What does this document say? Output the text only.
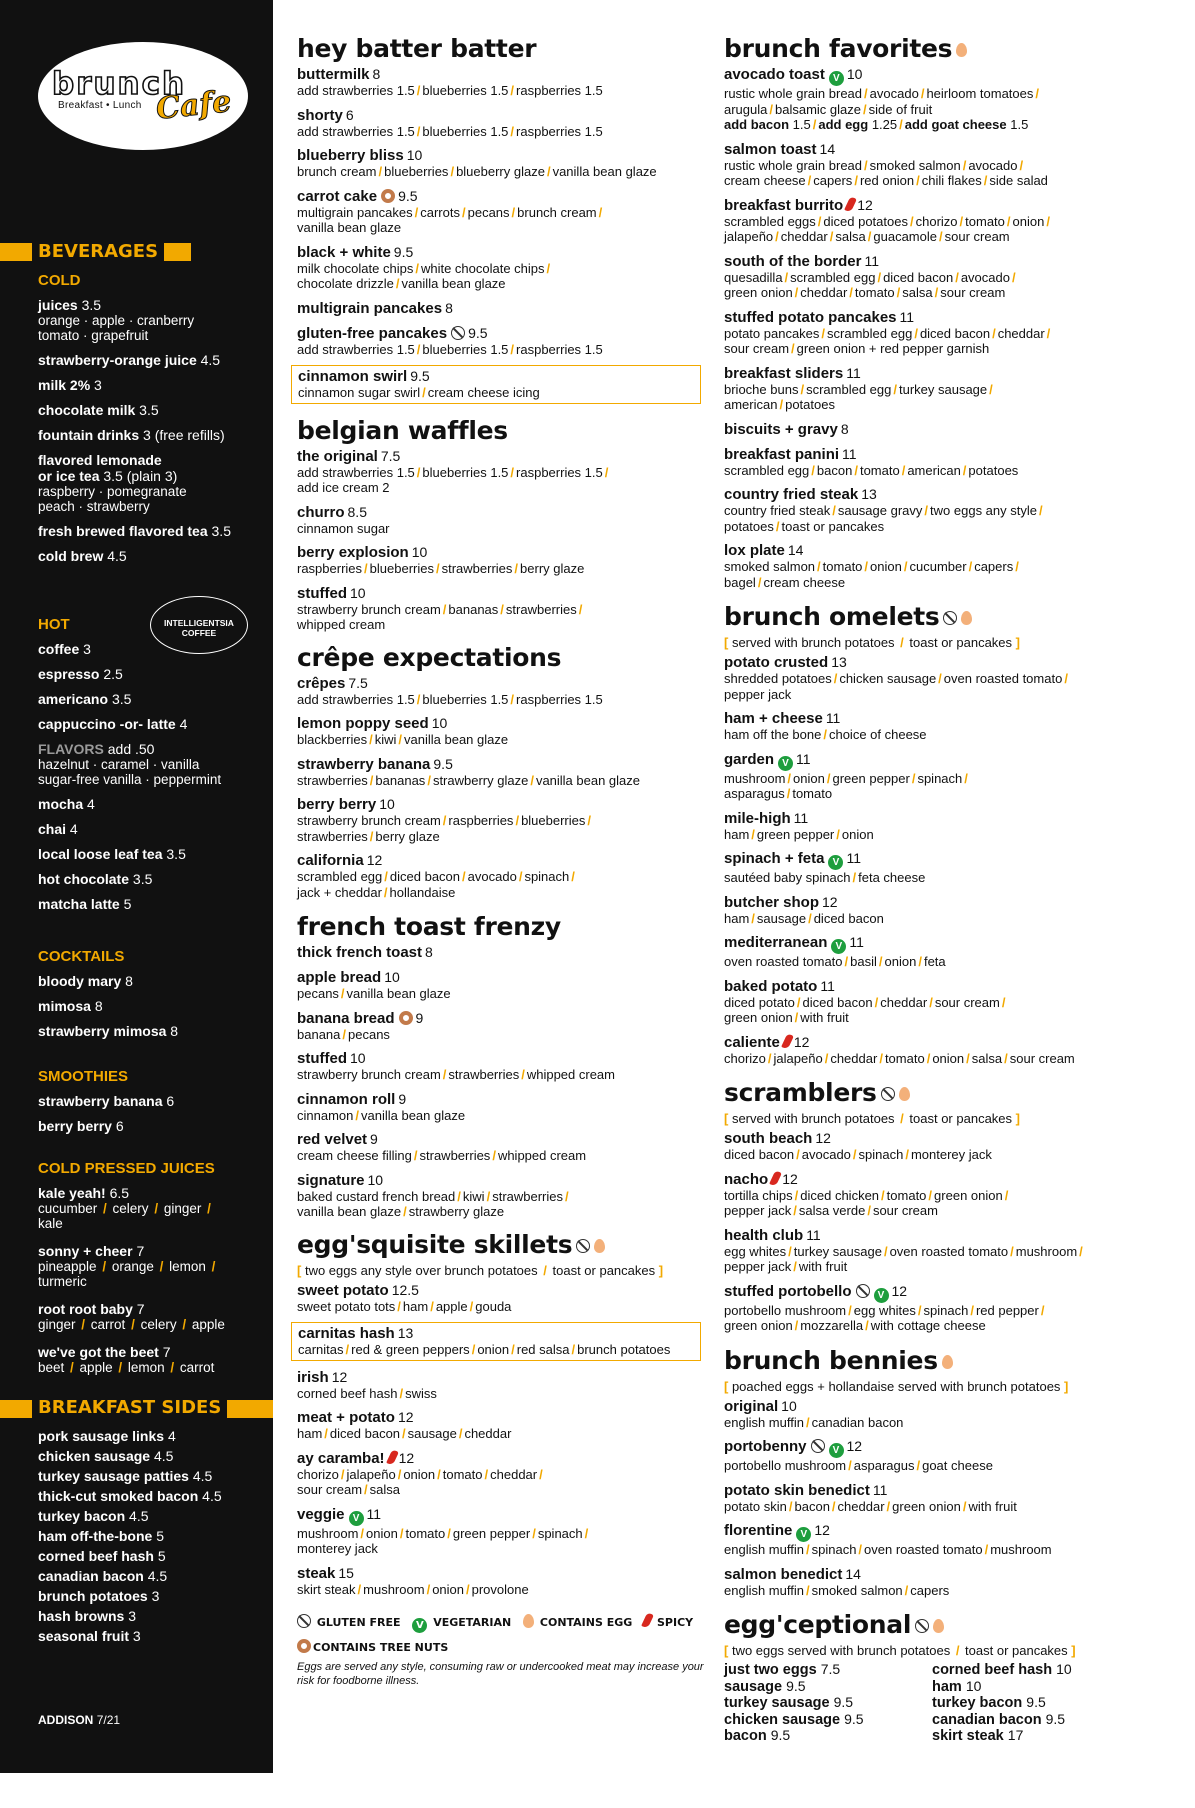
brunch
Breakfast • Lunch Cafe
BEVERAGES
COLD
juices 3.5
orange · apple · cranberry
tomato · grapefruit
strawberry-orange juice 4.5
milk 2% 3
chocolate milk 3.5
fountain drinks 3 (free refills)
flavored lemonade
or ice tea 3.5 (plain 3)
raspberry · pomegranate
peach · strawberry
fresh brewed flavored tea 3.5
cold brew 4.5
INTELLIGENTSIA
COFFEE
HOT
coffee 3
espresso 2.5
americano 3.5
cappuccino -or- latte 4
FLAVORS add .50
hazelnut · caramel · vanilla
sugar-free vanilla · peppermint
mocha 4
chai 4
local loose leaf tea 3.5
hot chocolate 3.5
matcha latte 5
COCKTAILS
bloody mary 8
mimosa 8
strawberry mimosa 8
SMOOTHIES
strawberry banana 6
berry berry 6
COLD PRESSED JUICES
kale yeah! 6.5
cucumber / celery / ginger /
kale
sonny + cheer 7
pineapple / orange / lemon /
turmeric
root root baby 7
ginger / carrot / celery / apple
we've got the beet 7
beet / apple / lemon / carrot
BREAKFAST SIDES
pork sausage links 4
chicken sausage 4.5
turkey sausage patties 4.5
thick-cut smoked bacon 4.5
turkey bacon 4.5
ham off-the-bone 5
corned beef hash 5
canadian bacon 4.5
brunch potatoes 3
hash browns 3
seasonal fruit 3
ADDISON 7/21
hey batter batter
buttermilk 8
add strawberries 1.5 / blueberries 1.5 / raspberries 1.5
shorty 6
add strawberries 1.5 / blueberries 1.5 / raspberries 1.5
blueberry bliss 10
brunch cream / blueberries / blueberry glaze / vanilla bean glaze
carrot cake 9.5
multigrain pancakes / carrots / pecans / brunch cream /
vanilla bean glaze
black + white 9.5
milk chocolate chips / white chocolate chips /
chocolate drizzle / vanilla bean glaze
multigrain pancakes 8
gluten-free pancakes 9.5
add strawberries 1.5 / blueberries 1.5 / raspberries 1.5
cinnamon swirl 9.5
cinnamon sugar swirl / cream cheese icing
belgian waffles
the original 7.5
add strawberries 1.5 / blueberries 1.5 / raspberries 1.5 /
add ice cream 2
churro 8.5
cinnamon sugar
berry explosion 10
raspberries / blueberries / strawberries / berry glaze
stuffed 10
strawberry brunch cream / bananas / strawberries /
whipped cream
crêpe expectations
crêpes 7.5
add strawberries 1.5 / blueberries 1.5 / raspberries 1.5
lemon poppy seed 10
blackberries / kiwi / vanilla bean glaze
strawberry banana 9.5
strawberries / bananas / strawberry glaze / vanilla bean glaze
berry berry 10
strawberry brunch cream / raspberries / blueberries /
strawberries / berry glaze
california 12
scrambled egg / diced bacon / avocado / spinach /
jack + cheddar / hollandaise
french toast frenzy
thick french toast 8
apple bread 10
pecans / vanilla bean glaze
banana bread 9
banana / pecans
stuffed 10
strawberry brunch cream / strawberries / whipped cream
cinnamon roll 9
cinnamon / vanilla bean glaze
red velvet 9
cream cheese filling / strawberries / whipped cream
signature 10
baked custard french bread / kiwi / strawberries /
vanilla bean glaze / strawberry glaze
egg'squisite skillets
[ two eggs any style over brunch potatoes / toast or pancakes ]
sweet potato 12.5
sweet potato tots / ham / apple / gouda
carnitas hash 13
carnitas / red & green peppers / onion / red salsa / brunch potatoes
irish 12
corned beef hash / swiss
meat + potato 12
ham / diced bacon / sausage / cheddar
ay caramba! 12
chorizo / jalapeño / onion / tomato / cheddar /
sour cream / salsa
veggie V 11
mushroom / onion / tomato / green pepper / spinach /
monterey jack
steak 15
skirt steak / mushroom / onion / provolone
GLUTEN FREE V VEGETARIAN	CONTAINS EGG SPICY
CONTAINS TREE NUTS
Eggs are served any style, consuming raw or undercooked meat may increase your risk for foodborne illness.
brunch favorites
avocado toast V 10
rustic whole grain bread / avocado / heirloom tomatoes /
arugula / balsamic glaze / side of fruit
add bacon 1.5 / add egg 1.25 / add goat cheese 1.5
salmon toast 14
rustic whole grain bread / smoked salmon / avocado /
cream cheese / capers / red onion / chili flakes / side salad
breakfast burrito 12
scrambled eggs / diced potatoes / chorizo / tomato / onion /
jalapeño / cheddar / salsa / guacamole / sour cream
south of the border 11
quesadilla / scrambled egg / diced bacon / avocado /
green onion / cheddar / tomato / salsa / sour cream
stuffed potato pancakes 11
potato pancakes / scrambled egg / diced bacon / cheddar /
sour cream / green onion + red pepper garnish
breakfast sliders 11
brioche buns / scrambled egg / turkey sausage /
american / potatoes
biscuits + gravy 8
breakfast panini 11
scrambled egg / bacon / tomato / american / potatoes
country fried steak 13
country fried steak / sausage gravy / two eggs any style /
potatoes / toast or pancakes
lox plate 14
smoked salmon / tomato / onion / cucumber / capers /
bagel / cream cheese
brunch omelets
[ served with brunch potatoes / toast or pancakes ]
potato crusted 13
shredded potatoes / chicken sausage / oven roasted tomato /
pepper jack
ham + cheese 11
ham off the bone / choice of cheese
garden V 11
mushroom / onion / green pepper / spinach /
asparagus / tomato
mile-high 11
ham / green pepper / onion
spinach + feta V 11
sautéed baby spinach / feta cheese
butcher shop 12
ham / sausage / diced bacon
mediterranean V 11
oven roasted tomato / basil / onion / feta
baked potato 11
diced potato / diced bacon / cheddar / sour cream /
green onion / with fruit
caliente 12
chorizo / jalapeño / cheddar / tomato / onion / salsa / sour cream
scramblers
[ served with brunch potatoes / toast or pancakes ]
south beach 12
diced bacon / avocado / spinach / monterey jack
nacho 12
tortilla chips / diced chicken / tomato / green onion /
pepper jack / salsa verde / sour cream
health club 11
egg whites / turkey sausage / oven roasted tomato / mushroom /
pepper jack / with fruit
stuffed portobello	V 12
portobello mushroom / egg whites / spinach / red pepper /
green onion / mozzarella / with cottage cheese
brunch bennies
[ poached eggs + hollandaise served with brunch potatoes ]
original 10
english muffin / canadian bacon
portobenny	V 12
portobello mushroom / asparagus / goat cheese
potato skin benedict 11
potato skin / bacon / cheddar / green onion / with fruit
florentine V 12
english muffin / spinach / oven roasted tomato / mushroom
salmon benedict 14
english muffin / smoked salmon / capers
egg'ceptional
[ two eggs served with brunch potatoes / toast or pancakes ]
just two eggs 7.5
sausage 9.5
turkey sausage 9.5
chicken sausage 9.5
bacon 9.5
corned beef hash 10
ham 10
turkey bacon 9.5
canadian bacon 9.5
skirt steak 17
